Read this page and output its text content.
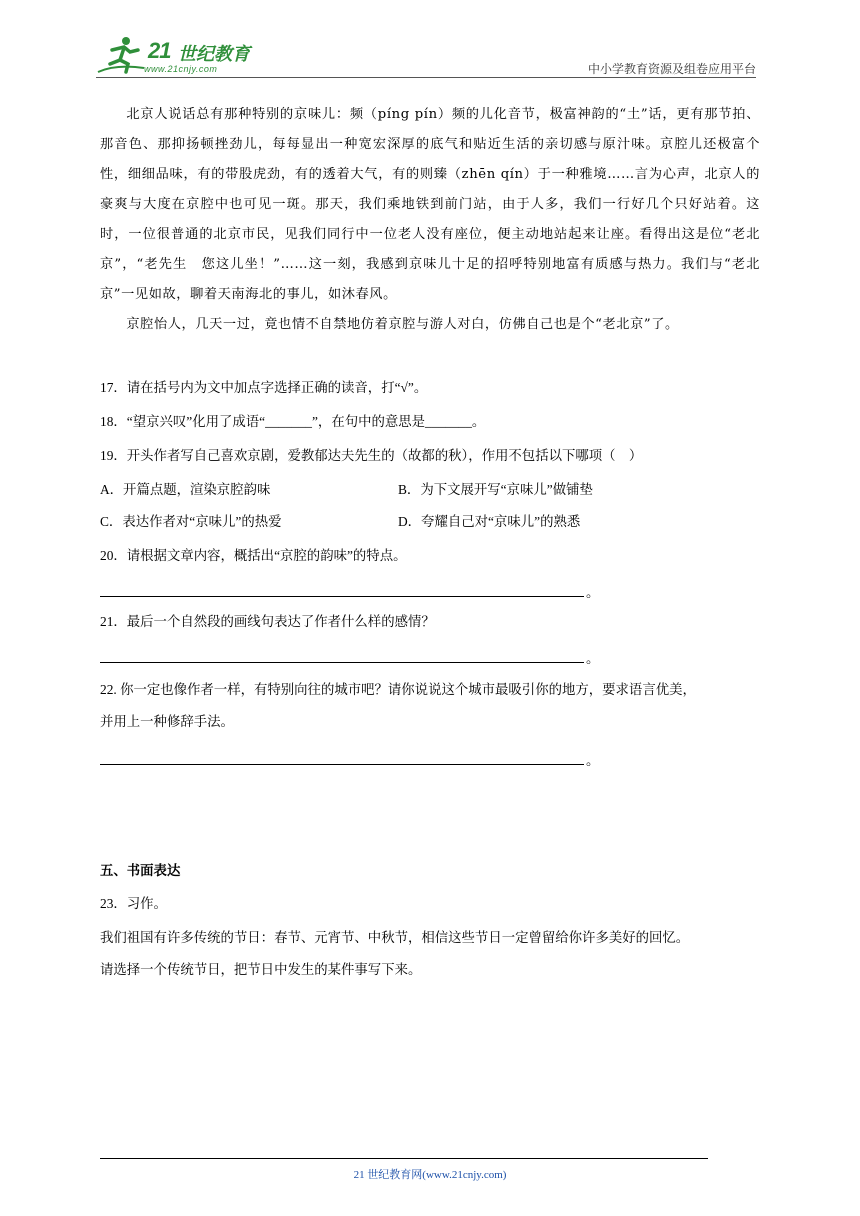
21 世纪教育
www.21cnjy.com	中小学教育资源及组卷应用平台

北京人说话总有那种特别的京味儿：频（píng pín）频的儿化音节，极富神韵的“土”话，更有那节拍、那音色、那抑扬顿挫劲儿，每每显出一种宽宏深厚的底气和贴近生活的亲切感与原汁味。京腔儿还极富个性，细细品味，有的带股虎劲，有的透着大气，有的则臻（zhēn qín）于一种雅境……言为心声，北京人的豪爽与大度在京腔中也可见一斑。那天，我们乘地铁到前门站，由于人多，我们一行好几个只好站着。这时，一位很普通的北京市民，见我们同行中一位老人没有座位，便主动地站起来让座。看得出这是位“老北京”，“老先生　您这儿坐！”……这一刻，我感到京味儿十足的招呼特别地富有质感与热力。我们与“老北京”一见如故，聊着天南海北的事儿，如沐春风。

京腔怡人，几天一过，竟也情不自禁地仿着京腔与游人对白，仿佛自己也是个“老北京”了。

17．请在括号内为文中加点字选择正确的读音，打“√”。
18．“望京兴叹”化用了成语“_______”，在句中的意思是_______。
19．开头作者写自己喜欢京剧，爱教郁达夫先生的（故都的秋），作用不包括以下哪项（　）
A．开篇点题，渲染京腔韵味	B．为下文展开写“京味儿”做铺垫
C．表达作者对“京味儿”的热爱	D．夸耀自己对“京味儿”的熟悉
20．请根据文章内容，概括出“京腔的韵味”的特点。
。
21．最后一个自然段的画线句表达了作者什么样的感情？
。
22. 你一定也像作者一样，有特别向往的城市吧？请你说说这个城市最吸引你的地方，要求语言优美，
并用上一种修辞手法。
。
五、书面表达
23．习作。
我们祖国有许多传统的节日：春节、元宵节、中秋节，相信这些节日一定曾留给你许多美好的回忆。
请选择一个传统节日，把节日中发生的某件事写下来。
21 世纪教育网(www.21cnjy.com)
